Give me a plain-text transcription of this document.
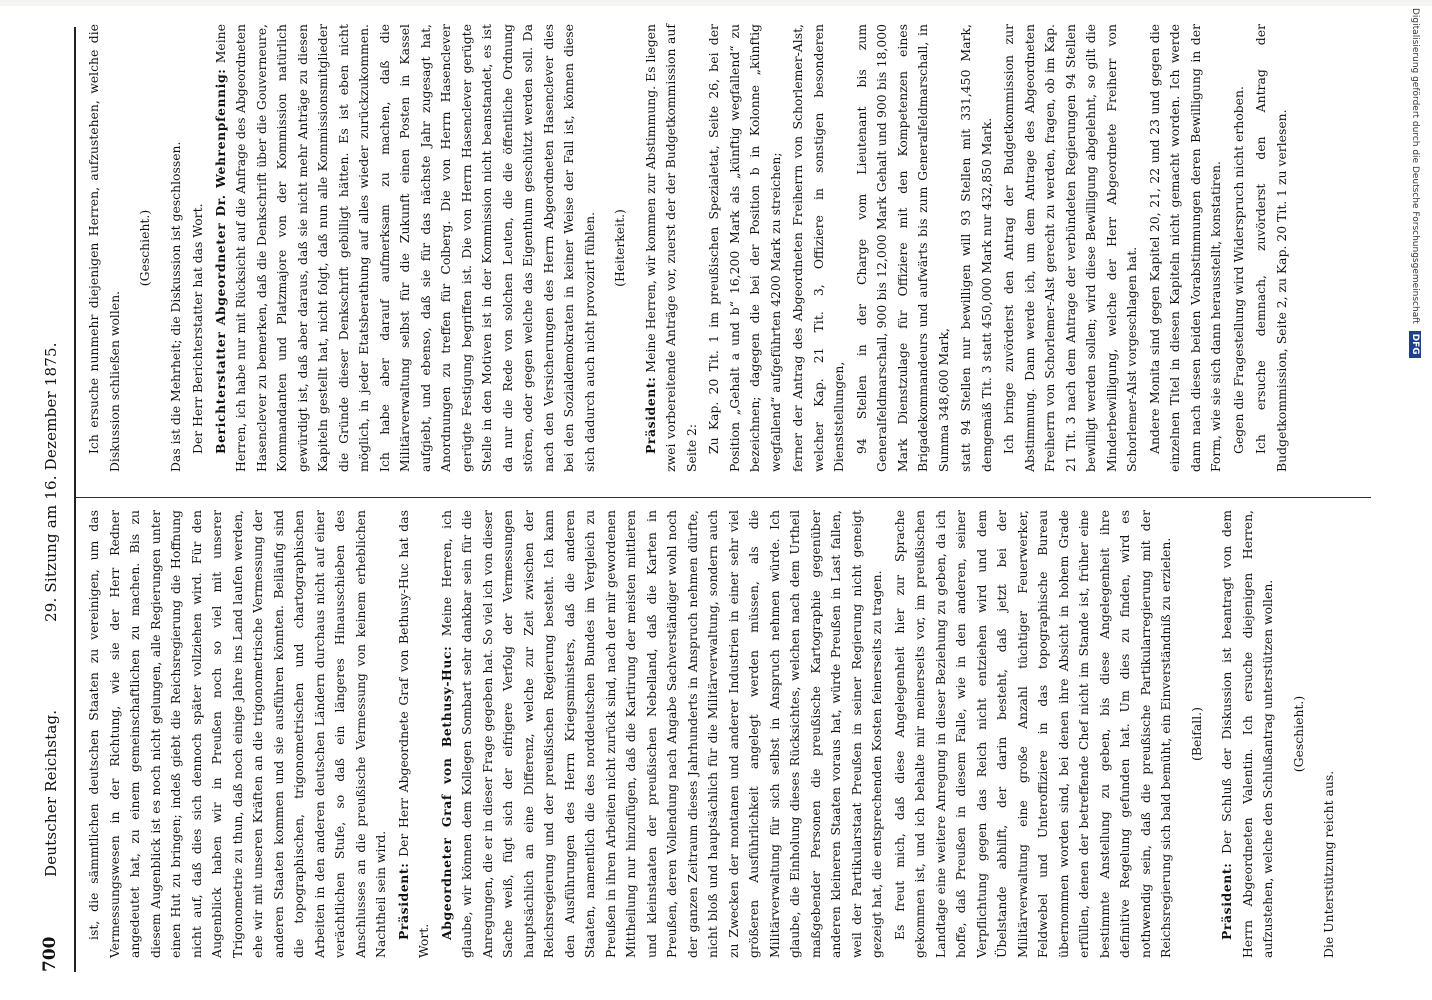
700
Deutscher Reichstag.
29. Sitzung am 16. Dezember 1875.

ist, die sämmtlichen deutschen Staaten zu vereinigen, um das Vermessungswesen in der Richtung, wie sie der Herr Redner angedeutet hat, zu einem gemeinschaftlichen zu machen. Bis zu diesem Augenblick ist es noch nicht gelungen, alle Regierungen unter einen Hut zu bringen; indeß giebt die Reichsregierung die Hoffnung nicht auf, daß dies sich dennoch später vollziehen wird. Für den Augenblick haben wir in Preußen noch so viel mit unserer Trigonometrie zu thun, daß noch einige Jahre ins Land laufen werden, ehe wir mit unseren Kräften an die trigonometrische Vermessung der anderen Staaten kommen und sie ausführen könnten. Beiläufig sind die topographischen, trigonometrischen und chartographischen Arbeiten in den anderen deutschen Ländern durchaus nicht auf einer verächtlichen Stufe, so daß ein längeres Hinausschieben des Anschlusses an die preußische Vermessung von keinem erheblichen Nachtheil sein wird. Präsident: Der Herr Abgeordnete Graf von Bethusy-Huc hat das Wort.

Abgeordneter Graf von Bethusy-Huc: Meine Herren, ich glaube, wir können dem Kollegen Sombart sehr dankbar sein für die Anregungen, die er in dieser Frage gegeben hat. So viel ich von dieser Sache weiß, fügt sich der eifrigere Verfolg der Vermessungen hauptsächlich an eine Differenz, welche zur Zeit zwischen der Reichsregierung und der preußischen Regierung besteht. Ich kann den Ausführungen des Herrn Kriegsministers, daß die anderen Staaten, namentlich die des norddeutschen Bundes im Vergleich zu Preußen in ihren Arbeiten nicht zurück sind, nach der mir gewordenen Mittheilung nur hinzufügen, daß die Kartirung der meisten mittleren und kleinstaaten der preußischen Nebelland, daß die Karten in Preußen, deren Vollendung nach Angabe Sachverständiger wohl noch der ganzen Zeitraum dieses Jahrhunderts in Anspruch nehmen dürfte, nicht bloß und hauptsächlich für die Militärverwaltung, sondern auch zu Zwecken der montanen und anderer Industrien in einer sehr viel größeren Ausführlichkeit angelegt werden müssen, als die Militärverwaltung für sich selbst in Anspruch nehmen würde. Ich glaube, die Einholung dieses Rücksichtes, welchen nach dem Urtheil maßgebender Personen die preußische Kartographie gegenüber anderen kleineren Staaten voraus hat, würde Preußen in Last fallen, weil der Partikularstaat Preußen in seiner Regierung nicht geneigt gezeigt hat, die entsprechenden Kosten feinerseits zu tragen. Es freut mich, daß diese Angelegenheit hier zur Sprache gekommen ist, und ich behalte mir meinerseits vor, im preußischen Landtage eine weitere Anregung in dieser Beziehung zu geben, da ich hoffe, daß Preußen in diesem Falle, wie in den anderen, seiner Verpflichtung gegen das Reich nicht entziehen wird und dem Übelstande abhilft, der darin besteht, daß jetzt bei der Militärverwaltung eine große Anzahl tüchtiger Feuerwerker, Feldwebel und Unteroffiziere in das topographische Bureau übernommen worden sind, bei denen ihre Absicht in hohem Grade erfüllen, denen der betreffende Chef nicht im Stande ist, früher eine bestimmte Anstellung zu geben, bis diese Angelegenheit ihre definitive Regelung gefunden hat. Um dies zu finden, wird es nothwendig sein, daß die preußische Partikularregierung mit der Reichsregierung sich bald bemüht, ein Einverständniß zu erzielen. (Beifall.)

Präsident: Der Schluß der Diskussion ist beantragt von dem Herrn Abgeordneten Valentin. Ich ersuche diejenigen Herren, aufzustehen, welche den Schlußantrag unterstützen wollen. (Geschieht.)

Die Unterstützung reicht aus.

Ich ersuche nunmehr diejenigen Herren, aufzustehen, welche die Diskussion schließen wollen.

(Geschieht.) Das ist die Mehrheit; die Diskussion ist geschlossen. Der Herr Berichterstatter hat das Wort. Berichterstatter Abgeordneter Dr. Wehrenpfennig: Meine Herren, ich habe nur mit Rücksicht auf die Anfrage des Abgeordneten Hasenclever zu bemerken, daß die Denkschrift über die Gouverneure, Kommandanten und Platzmajore von der Kommission natürlich gewürdigt ist, daß aber daraus, daß sie nicht mehr Anträge zu diesen Kapiteln gestellt hat, nicht folgt, daß nun alle Kommissionsmitglieder die Gründe dieser Denkschrift gebilligt hätten. Es ist eben nicht möglich, in jeder Etatsberathung auf alles wieder zurückzukommen. Ich habe aber darauf aufmerksam zu machen, daß die Militärverwaltung selbst für die Zukunft einen Posten in Kassel aufgiebt, und ebenso, daß sie für das nächste Jahr zugesagt hat, Anordnungen zu treffen für Colberg. Die von Herrn Hasenclever gerügte Festigung begriffen ist. Die von Herrn Hasenclever gerügte Stelle in den Motiven ist in der Kommission nicht beanstandet, es ist da nur die Rede von solchen Leuten, die die öffentliche Ordnung stören, oder gegen welche das Eigenthum geschützt werden soll. Da nach den Versicherungen des Herrn Abgeordneten Hasenclever dies bei den Sozialdemokraten in keiner Weise der Fall ist, können diese sich dadurch auch nicht provozirt fühlen. (Heiterkeit.)

Präsident: Meine Herren, wir kommen zur Abstimmung. Es liegen zwei vorbereitende Anträge vor, zuerst der der Budgetkommission auf Seite 2: Zu Kap. 20 Tit. 1 im preußischen Spezialetat, Seite 26, bei der Position „Gehalt a und b“ 16,200 Mark als „künftig wegfallend“ zu bezeichnen; dagegen die bei der Position b in Kolonne „künftig wegfallend“ aufgeführten 4200 Mark zu streichen; ferner der Antrag des Abgeordneten Freiherrn von Schorlemer-Alst, welcher Kap. 21 Tit. 3, Offiziere in sonstigen besonderen Dienststellungen, 94 Stellen in der Charge vom Lieutenant bis zum Generalfeldmarschall, 900 bis 12,000 Mark Gehalt und 900 bis 18,000 Mark Dienstzulage für Offiziere mit den Kompetenzen eines Brigadekommandeurs und aufwärts bis zum Generalfeldmarschall, in Summa 348,600 Mark, statt 94 Stellen nur bewilligen will 93 Stellen mit 331,450 Mark, demgemäß Tit. 3 statt 450,000 Mark nur 432,850 Mark. Ich bringe zuvörderst den Antrag der Budgetkommission zur Abstimmung. Dann werde ich, um dem Antrage des Abgeordneten Freiherrn von Schorlemer-Alst gerecht zu werden, fragen, ob im Kap. 21 Tit. 3 nach dem Antrage der verbündeten Regierungen 94 Stellen bewilligt werden sollen; wird diese Bewilligung abgelehnt, so gilt die Minderbewilligung, welche der Herr Abgeordnete Freiherr von Schorlemer-Alst vorgeschlagen hat. Andere Monita sind gegen Kapitel 20, 21, 22 und 23 und gegen die einzelnen Titel in diesen Kapiteln nicht gemacht worden. Ich werde dann nach diesen beiden Vorabstimmungen deren Bewilligung in der Form, wie sie sich dann herausstellt, konstatiren. Gegen die Fragestellung wird Widerspruch nicht erhoben. Ich ersuche demnach, zuvörderst den Antrag der Budgetkommission, Seite 2, zu Kap. 20 Tit. 1 zu verlesen.	Digitalisierung gefördert durch die Deutsche Forschungsgemeinschaft DFG
